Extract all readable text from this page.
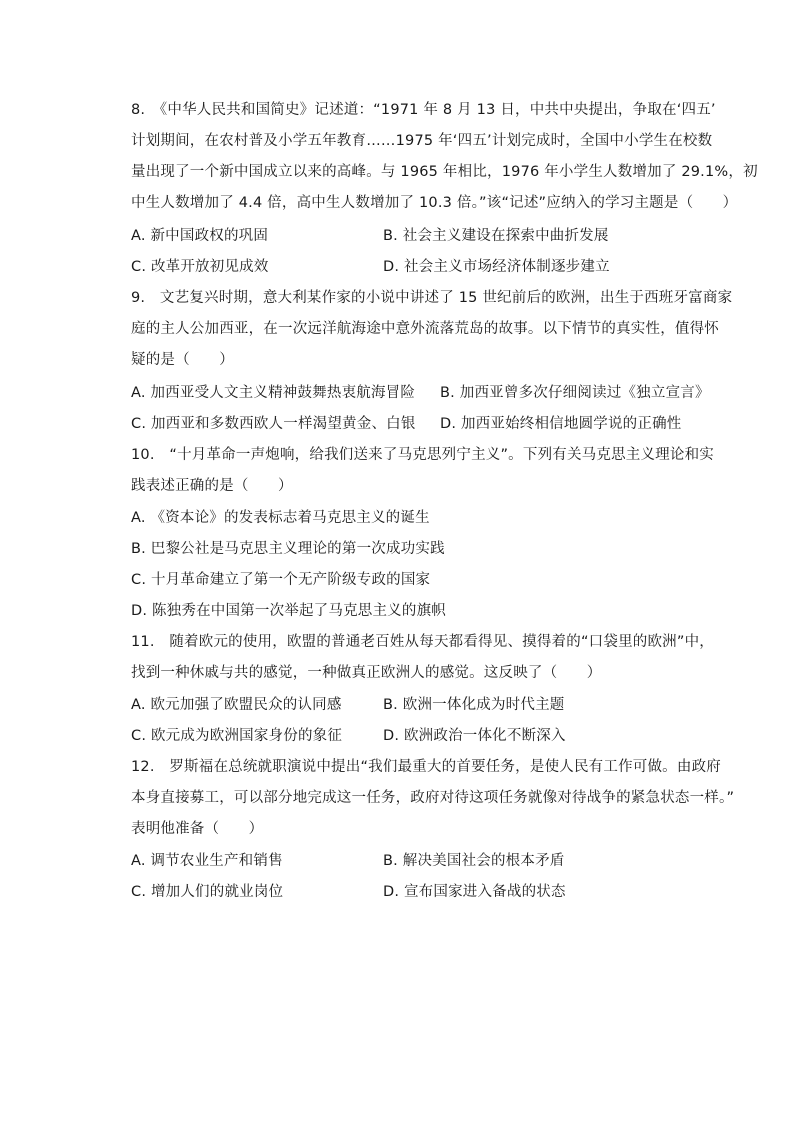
8.　《中华人民共和国简史》记述道：“1971 年 8 月 13 日，中共中央提出，争取在‘四五’
计划期间，在农村普及小学五年教育……1975 年‘四五’计划完成时，全国中小学生在校数
量出现了一个新中国成立以来的高峰。与 1965 年相比，1976 年小学生人数增加了 29.1%，初
中生人数增加了 4.4 倍，高中生人数增加了 10.3 倍。”该“记述”应纳入的学习主题是（　　）
A. 新中国政权的巩固	B. 社会主义建设在探索中曲折发展
C. 改革开放初见成效	D. 社会主义市场经济体制逐步建立
9.　文艺复兴时期，意大利某作家的小说中讲述了 15 世纪前后的欧洲，出生于西班牙富商家
庭的主人公加西亚，在一次远洋航海途中意外流落荒岛的故事。以下情节的真实性，值得怀
疑的是（　　）
A. 加西亚受人文主义精神鼓舞热衷航海冒险 B. 加西亚曾多次仔细阅读过《独立宣言》
C. 加西亚和多数西欧人一样渴望黄金、白银 D. 加西亚始终相信地圆学说的正确性
10.　“十月革命一声炮响，给我们送来了马克思列宁主义”。下列有关马克思主义理论和实
践表述正确的是（　　）
A. 《资本论》的发表标志着马克思主义的诞生
B. 巴黎公社是马克思主义理论的第一次成功实践
C. 十月革命建立了第一个无产阶级专政的国家
D. 陈独秀在中国第一次举起了马克思主义的旗帜
11.　随着欧元的使用，欧盟的普通老百姓从每天都看得见、摸得着的“口袋里的欧洲”中，
找到一种休戚与共的感觉，一种做真正欧洲人的感觉。这反映了（　　）
A. 欧元加强了欧盟民众的认同感	B. 欧洲一体化成为时代主题
C. 欧元成为欧洲国家身份的象征	D. 欧洲政治一体化不断深入
12.　罗斯福在总统就职演说中提出“我们最重大的首要任务，是使人民有工作可做。由政府
本身直接募工，可以部分地完成这一任务，政府对待这项任务就像对待战争的紧急状态一样。”
表明他准备（　　）
A. 调节农业生产和销售	B. 解决美国社会的根本矛盾
C. 增加人们的就业岗位	D. 宣布国家进入备战的状态
